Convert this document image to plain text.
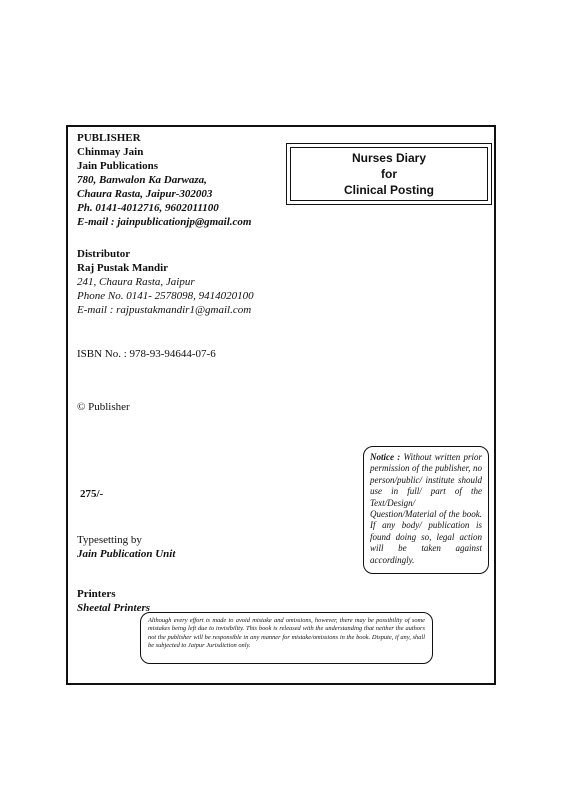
PUBLISHER
Chinmay Jain
Jain Publications
780, Banwalon Ka Darwaza,
Chaura Rasta, Jaipur-302003
Ph. 0141-4012716, 9602011100
E-mail : jainpublicationjp@gmail.com
Nurses Diary
for
Clinical Posting
Distributor
Raj Pustak Mandir
241, Chaura Rasta, Jaipur
Phone No. 0141- 2578098, 9414020100
E-mail : rajpustakmandir1@gmail.com
ISBN No. : 978-93-94644-07-6
© Publisher
275/-
Notice : Without written prior permission of the publisher, no person/public/ institute should use in full/ part of the Text/Design/ Question/Material of the book. If any body/ publication is found doing so, legal action will be taken against accordingly.
Typesetting by
Jain Publication Unit
Printers
Sheetal Printers
Although every effort is made to avoid mistake and omissions, however, there may be possibility of some mistakes being left due to invisibility. This book is released with the understanding that neither the authors not the publisher will be responsible in any manner for mistake/omissions in the book. Dispute, if any, shall be subjected to Jaipur Jurisdiction only.
